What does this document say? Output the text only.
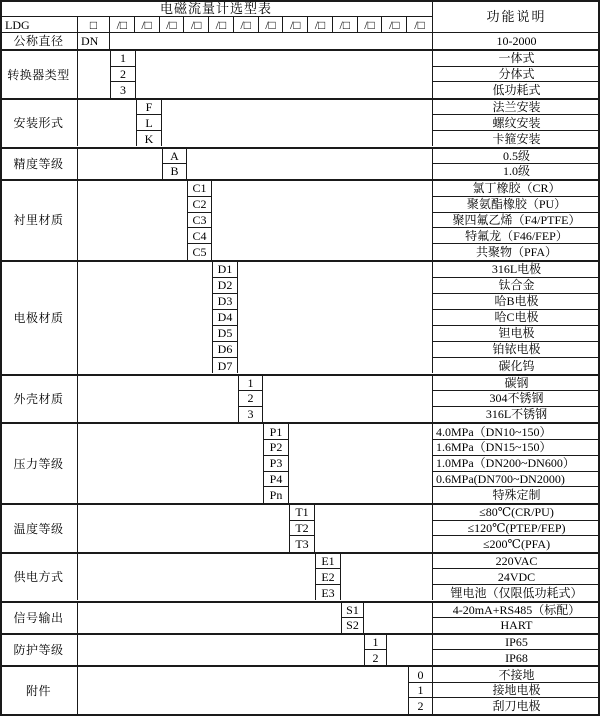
电磁流量计选型表
功能说明
LDG	□	/□	/□	/□	/□	/□	/□	/□	/□	/□	/□	/□	/□	/□
公称直径	DN	10-2000
转换器类型
1	一体式
2	分体式
3	低功耗式
安装形式
F	法兰安装
L	螺纹安装
K	卡箍安装
精度等级
A	0.5级
B	1.0级
衬里材质
C1	氯丁橡胶（CR）
C2	聚氨酯橡胶（PU）
C3	聚四氟乙烯（F4/PTFE）
C4	特氟龙（F46/FEP）
C5	共聚物（PFA）
电极材质
D1	316L电极
D2	钛合金
D3	哈B电极
D4	哈C电极
D5	钽电极
D6	铂铱电极
D7	碳化钨
外壳材质
1	碳钢
2	304不锈钢
3	316L不锈钢
压力等级
P1	4.0MPa（DN10~150）
P2	1.6MPa（DN15~150）
P3	1.0MPa（DN200~DN600）
P4	0.6MPa(DN700~DN2000)
Pn	特殊定制
温度等级
T1	≤80℃(CR/PU)
T2	≤120℃(PTEP/FEP)
T3	≤200℃(PFA)
供电方式
E1	220VAC
E2	24VDC
E3	锂电池（仅限低功耗式）
信号输出
S1	4-20mA+RS485（标配）
S2	HART
防护等级
1	IP65
2	IP68
附件
0	不接地
1	接地电极
2	刮刀电极
